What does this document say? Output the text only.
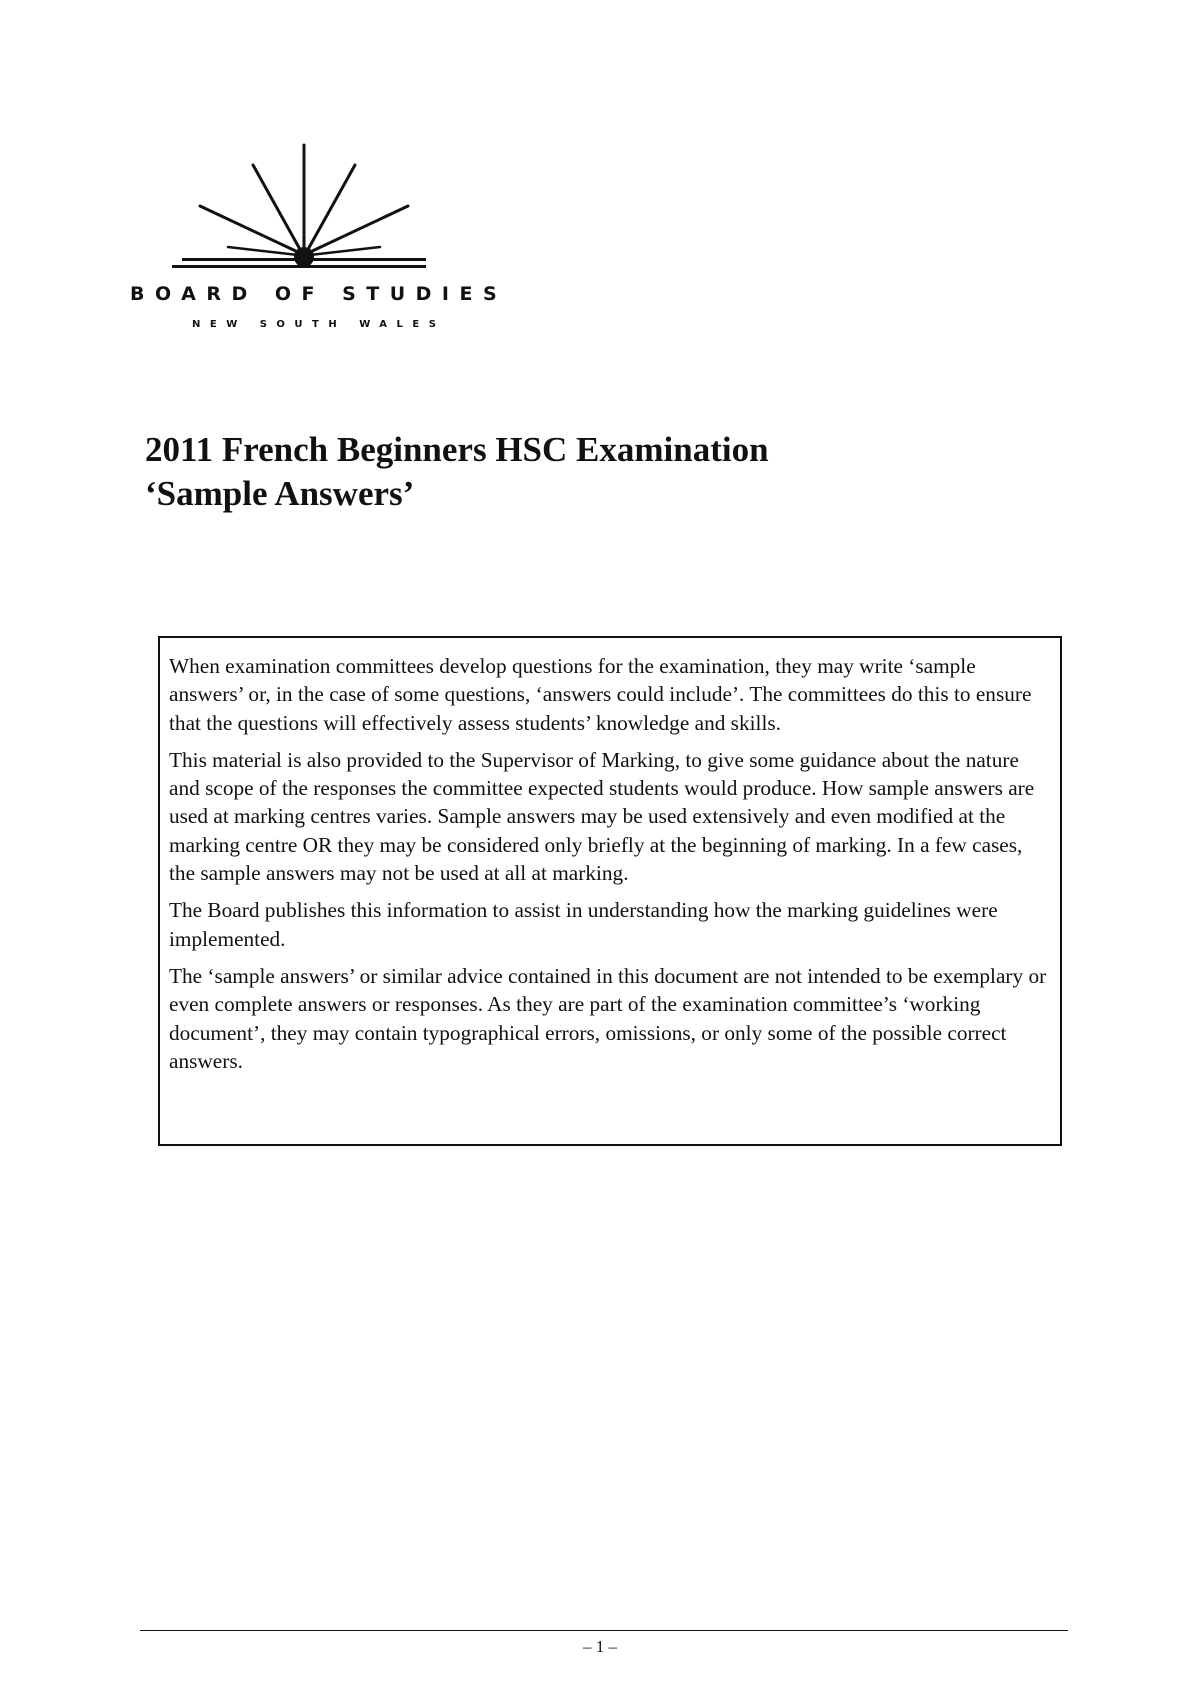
BOARD OF STUDIES
NEW SOUTH WALES
2011 French Beginners HSC Examination
‘Sample Answers’

When examination committees develop questions for the examination, they may write ‘sample answers’ or, in the case of some questions, ‘answers could include’. The committees do this to ensure that the questions will effectively assess students’ knowledge and skills.

This material is also provided to the Supervisor of Marking, to give some guidance about the nature and scope of the responses the committee expected students would produce. How sample answers are used at marking centres varies. Sample answers may be used extensively and even modified at the marking centre OR they may be considered only briefly at the beginning of marking. In a few cases, the sample answers may not be used at all at marking.

The Board publishes this information to assist in understanding how the marking guidelines were implemented.

The ‘sample answers’ or similar advice contained in this document are not intended to be exemplary or even complete answers or responses. As they are part of the examination committee’s ‘working document’, they may contain typographical errors, omissions, or only some of the possible correct answers.

– 1 –
